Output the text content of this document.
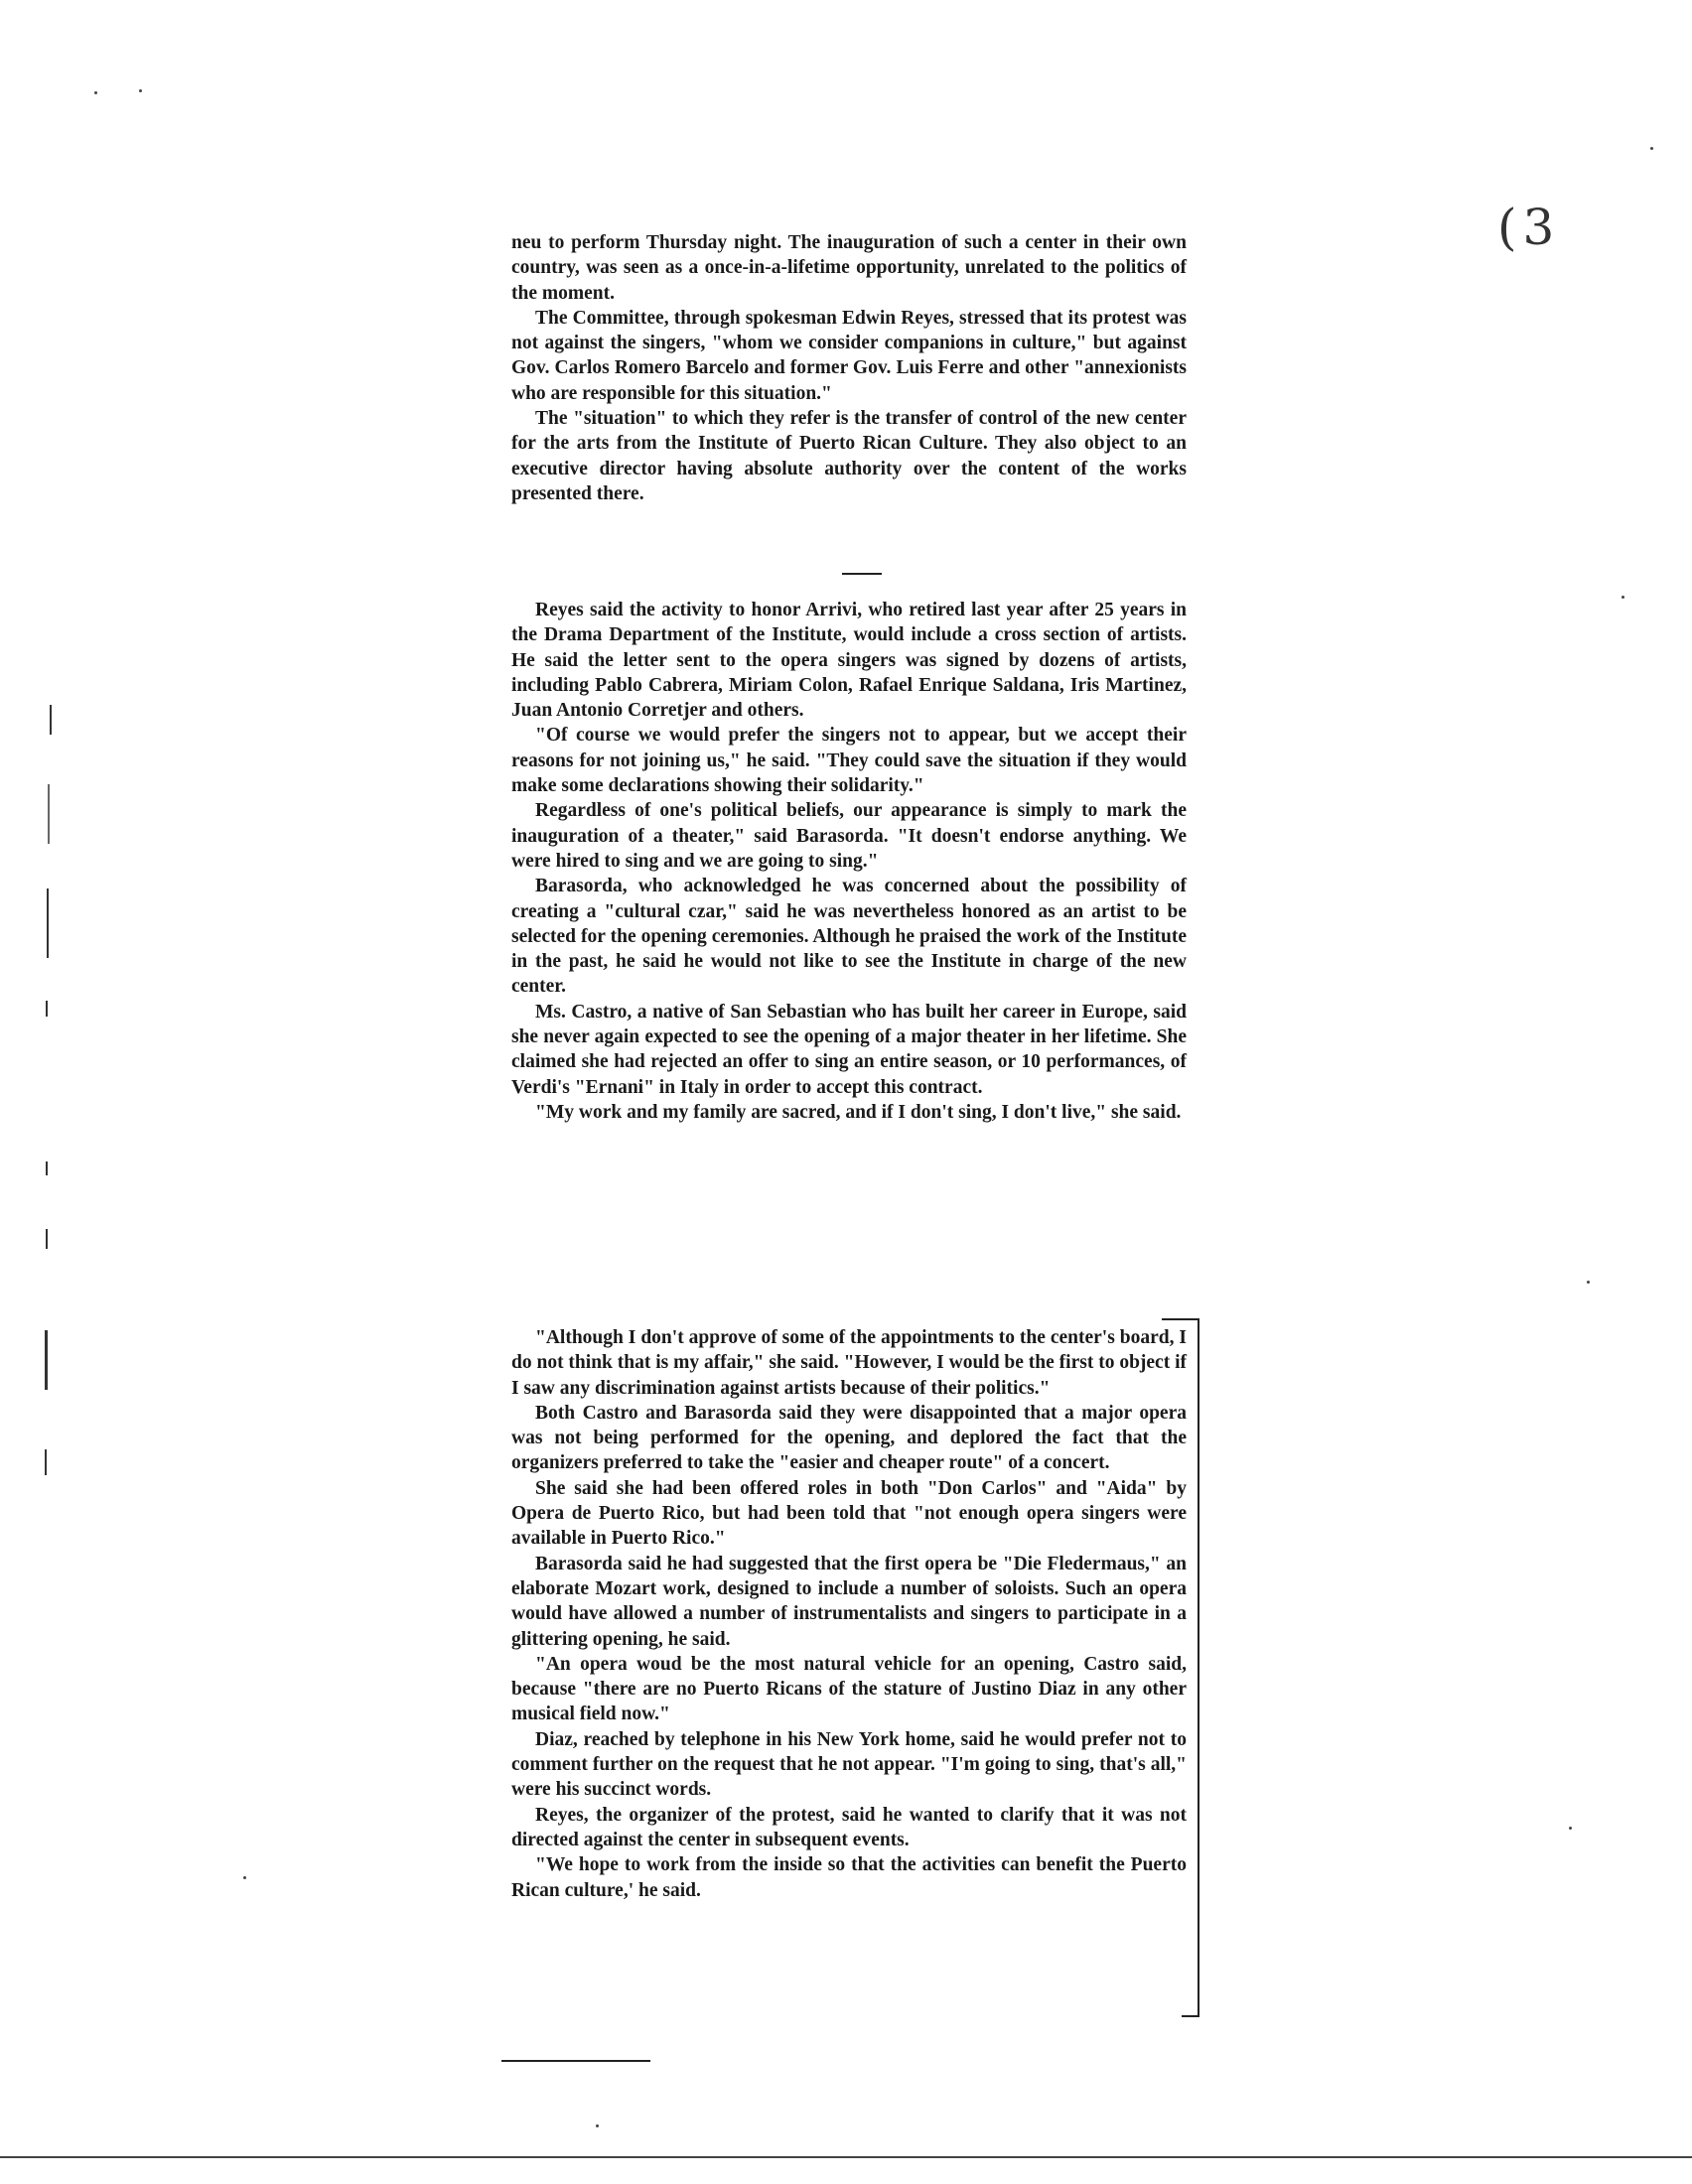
(3

neu to perform Thursday night. The inauguration of such a center in their own country, was seen as a once-in-a-lifetime opportunity, unrelated to the politics of the moment.

The Committee, through spokesman Edwin Reyes, stressed that its protest was not against the singers, "whom we consider companions in culture," but against Gov. Carlos Romero Barcelo and former Gov. Luis Ferre and other "annexionists who are responsible for this situation."

The "situation" to which they refer is the transfer of control of the new center for the arts from the Institute of Puerto Rican Culture. They also object to an executive director having absolute authority over the content of the works presented there.

Reyes said the activity to honor Arrivi, who retired last year after 25 years in the Drama Department of the Institute, would include a cross section of artists. He said the letter sent to the opera singers was signed by dozens of artists, including Pablo Cabrera, Miriam Colon, Rafael Enrique Saldana, Iris Martinez, Juan Antonio Corretjer and others.

"Of course we would prefer the singers not to appear, but we accept their reasons for not joining us," he said. "They could save the situation if they would make some declarations showing their solidarity."

Regardless of one's political beliefs, our appearance is simply to mark the inauguration of a theater," said Barasorda. "It doesn't endorse anything. We were hired to sing and we are going to sing."

Barasorda, who acknowledged he was concerned about the possibility of creating a "cultural czar," said he was nevertheless honored as an artist to be selected for the opening ceremonies. Although he praised the work of the Institute in the past, he said he would not like to see the Institute in charge of the new center.

Ms. Castro, a native of San Sebastian who has built her career in Europe, said she never again expected to see the opening of a major theater in her lifetime. She claimed she had rejected an offer to sing an entire season, or 10 performances, of Verdi's "Ernani" in Italy in order to accept this contract.

"My work and my family are sacred, and if I don't sing, I don't live," she said.

"Although I don't approve of some of the appointments to the center's board, I do not think that is my affair," she said. "However, I would be the first to object if I saw any discrimination against artists because of their politics."

Both Castro and Barasorda said they were disappointed that a major opera was not being performed for the opening, and deplored the fact that the organizers preferred to take the "easier and cheaper route" of a concert.

She said she had been offered roles in both "Don Carlos" and "Aida" by Opera de Puerto Rico, but had been told that "not enough opera singers were available in Puerto Rico."

Barasorda said he had suggested that the first opera be "Die Fledermaus," an elaborate Mozart work, designed to include a number of soloists. Such an opera would have allowed a number of instrumentalists and singers to participate in a glittering opening, he said.

"An opera woud be the most natural vehicle for an opening, Castro said, because "there are no Puerto Ricans of the stature of Justino Diaz in any other musical field now."

Diaz, reached by telephone in his New York home, said he would prefer not to comment further on the request that he not appear. "I'm going to sing, that's all," were his succinct words.

Reyes, the organizer of the protest, said he wanted to clarify that it was not directed against the center in subsequent events.

"We hope to work from the inside so that the activities can benefit the Puerto Rican culture,' he said.
